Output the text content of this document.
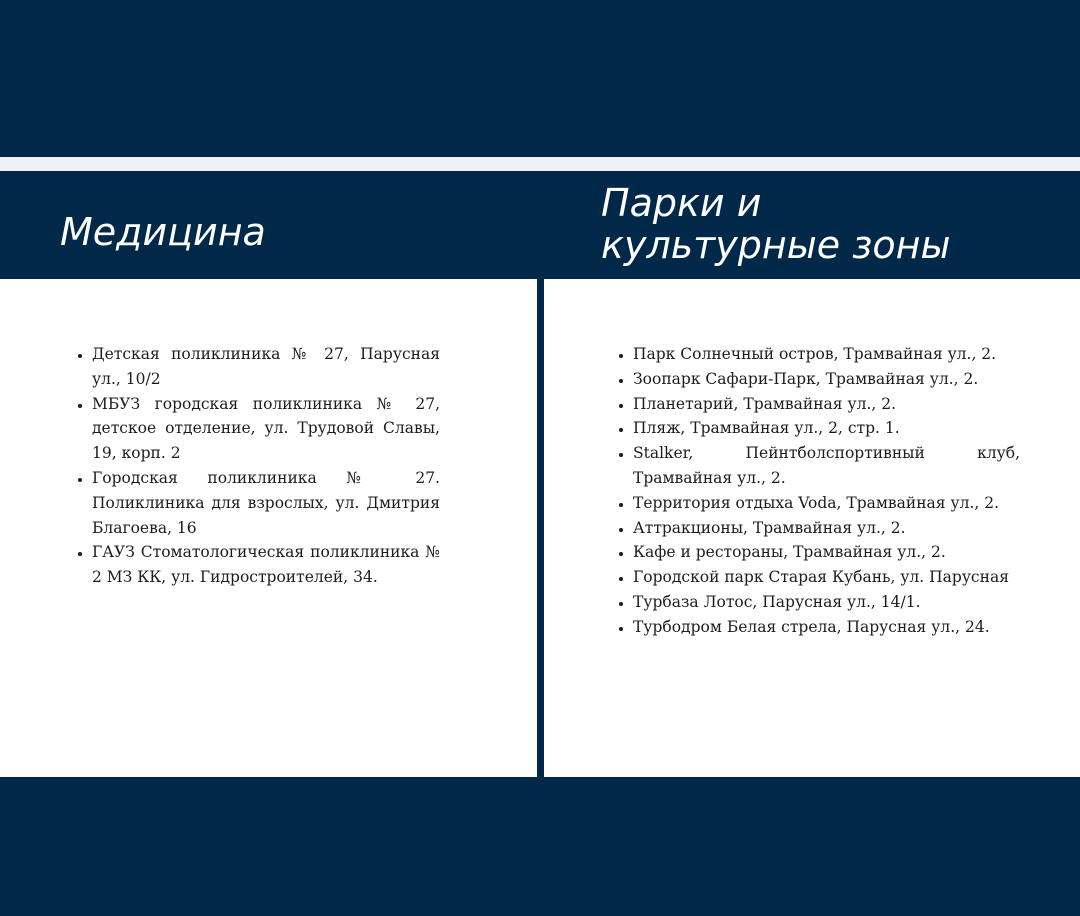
Медицина
• Детская поликлиника № 27, Парусная ул., 10/2
• МБУЗ городская поликлиника № 27, детское отделение, ул. Трудовой Славы, 19, корп. 2
• Городская поликлиника № 27. Поликлиника для взрослых, ул. Дмитрия Благоева, 16
• ГАУЗ Стоматологическая поликлиника № 2 МЗ КК, ул. Гидростроителей, 34.
Парки и
культурные зоны
• Парк Солнечный остров, Трамвайная ул., 2.
• Зоопарк Сафари-Парк, Трамвайная ул., 2.
• Планетарий, Трамвайная ул., 2.
• Пляж, Трамвайная ул., 2, стр. 1.
• Stalker, Пейнтболспортивный клуб, Трамвайная ул., 2.
• Территория отдыха Voda, Трамвайная ул., 2.
• Аттракционы, Трамвайная ул., 2.
• Кафе и рестораны, Трамвайная ул., 2.
• Городской парк Старая Кубань, ул. Парусная
• Турбаза Лотос, Парусная ул., 14/1.
• Турбодром Белая стрела, Парусная ул., 24.
